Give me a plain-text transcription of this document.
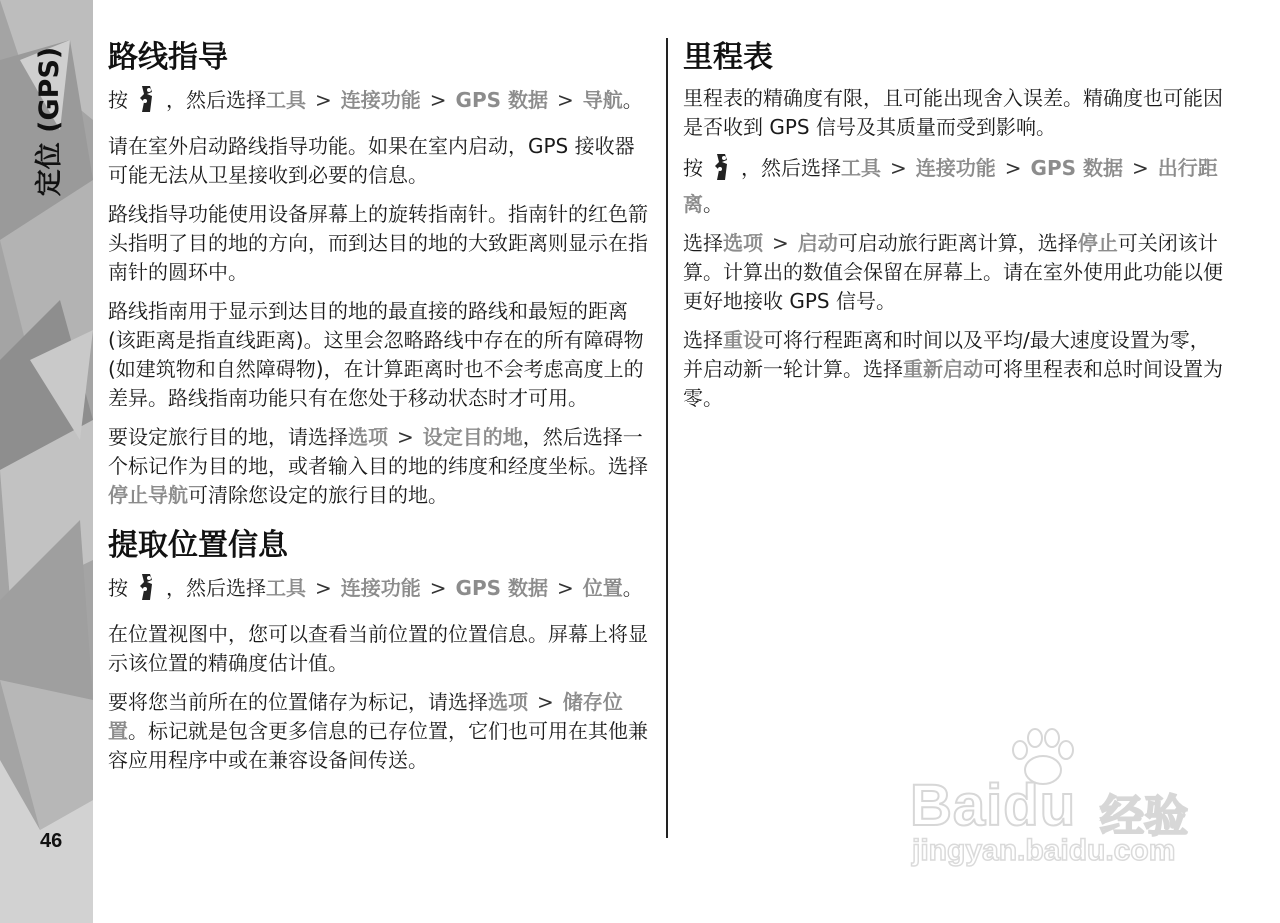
定位 (GPS)
46
路线指导

按 ，然后选择工具 > 连接功能 > GPS 数据 > 导航。

请在室外启动路线指导功能。如果在室内启动，GPS 接收器可能无法从卫星接收到必要的信息。

路线指导功能使用设备屏幕上的旋转指南针。指南针的红色箭头指明了目的地的方向，而到达目的地的大致距离则显示在指南针的圆环中。

路线指南用于显示到达目的地的最直接的路线和最短的距离 (该距离是指直线距离)。这里会忽略路线中存在的所有障碍物 (如建筑物和自然障碍物)，在计算距离时也不会考虑高度上的差异。路线指南功能只有在您处于移动状态时才可用。

要设定旅行目的地，请选择选项 > 设定目的地，然后选择一个标记作为目的地，或者输入目的地的纬度和经度坐标。选择停止导航可清除您设定的旅行目的地。

提取位置信息

按 ，然后选择工具 > 连接功能 > GPS 数据 > 位置。

在位置视图中，您可以查看当前位置的位置信息。屏幕上将显示该位置的精确度估计值。

要将您当前所在的位置储存为标记，请选择选项 > 储存位置。标记就是包含更多信息的已存位置，它们也可用在其他兼容应用程序中或在兼容设备间传送。

里程表

里程表的精确度有限，且可能出现舍入误差。精确度也可能因是否收到 GPS 信号及其质量而受到影响。

按 ，然后选择工具 > 连接功能 > GPS 数据 > 出行距离。

选择选项 > 启动可启动旅行距离计算，选择停止可关闭该计算。计算出的数值会保留在屏幕上。请在室外使用此功能以便更好地接收 GPS 信号。

选择重设可将行程距离和时间以及平均/最大速度设置为零，并启动新一轮计算。选择重新启动可将里程表和总时间设置为零。

Baidu 经验
jingyan.baidu.com
